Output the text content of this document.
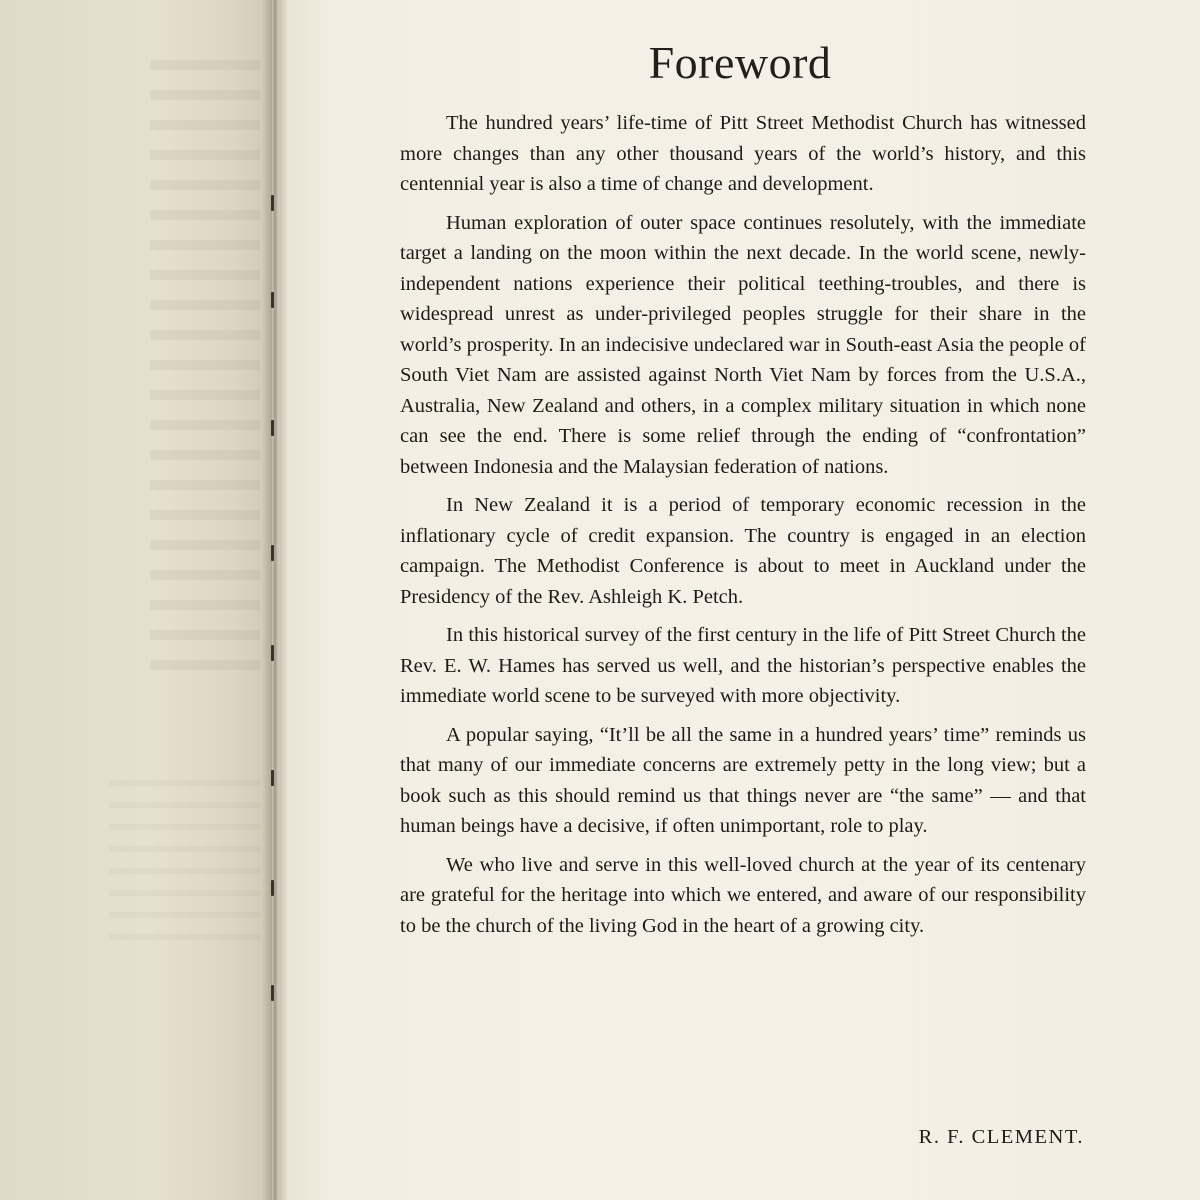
Foreword

The hundred years’ life-time of Pitt Street Methodist Church has witnessed more changes than any other thousand years of the world’s history, and this centennial year is also a time of change and development.

Human exploration of outer space continues resolutely, with the immediate target a landing on the moon within the next decade. In the world scene, newly-independent nations experience their political teething-troubles, and there is widespread unrest as under-privileged peoples struggle for their share in the world’s prosperity. In an indecisive undeclared war in South-east Asia the people of South Viet Nam are assisted against North Viet Nam by forces from the U.S.A., Australia, New Zealand and others, in a complex military situation in which none can see the end. There is some relief through the ending of “confrontation” between Indonesia and the Malaysian federation of nations.

In New Zealand it is a period of temporary economic recession in the inflationary cycle of credit expansion. The country is engaged in an election campaign. The Methodist Conference is about to meet in Auckland under the Presidency of the Rev. Ashleigh K. Petch.

In this historical survey of the first century in the life of Pitt Street Church the Rev. E. W. Hames has served us well, and the historian’s perspective enables the immediate world scene to be surveyed with more objectivity.

A popular saying, “It’ll be all the same in a hundred years’ time” reminds us that many of our immediate concerns are extremely petty in the long view; but a book such as this should remind us that things never are “the same” — and that human beings have a decisive, if often unimportant, role to play.

We who live and serve in this well-loved church at the year of its centenary are grateful for the heritage into which we entered, and aware of our responsibility to be the church of the living God in the heart of a growing city.

R. F. CLEMENT.
